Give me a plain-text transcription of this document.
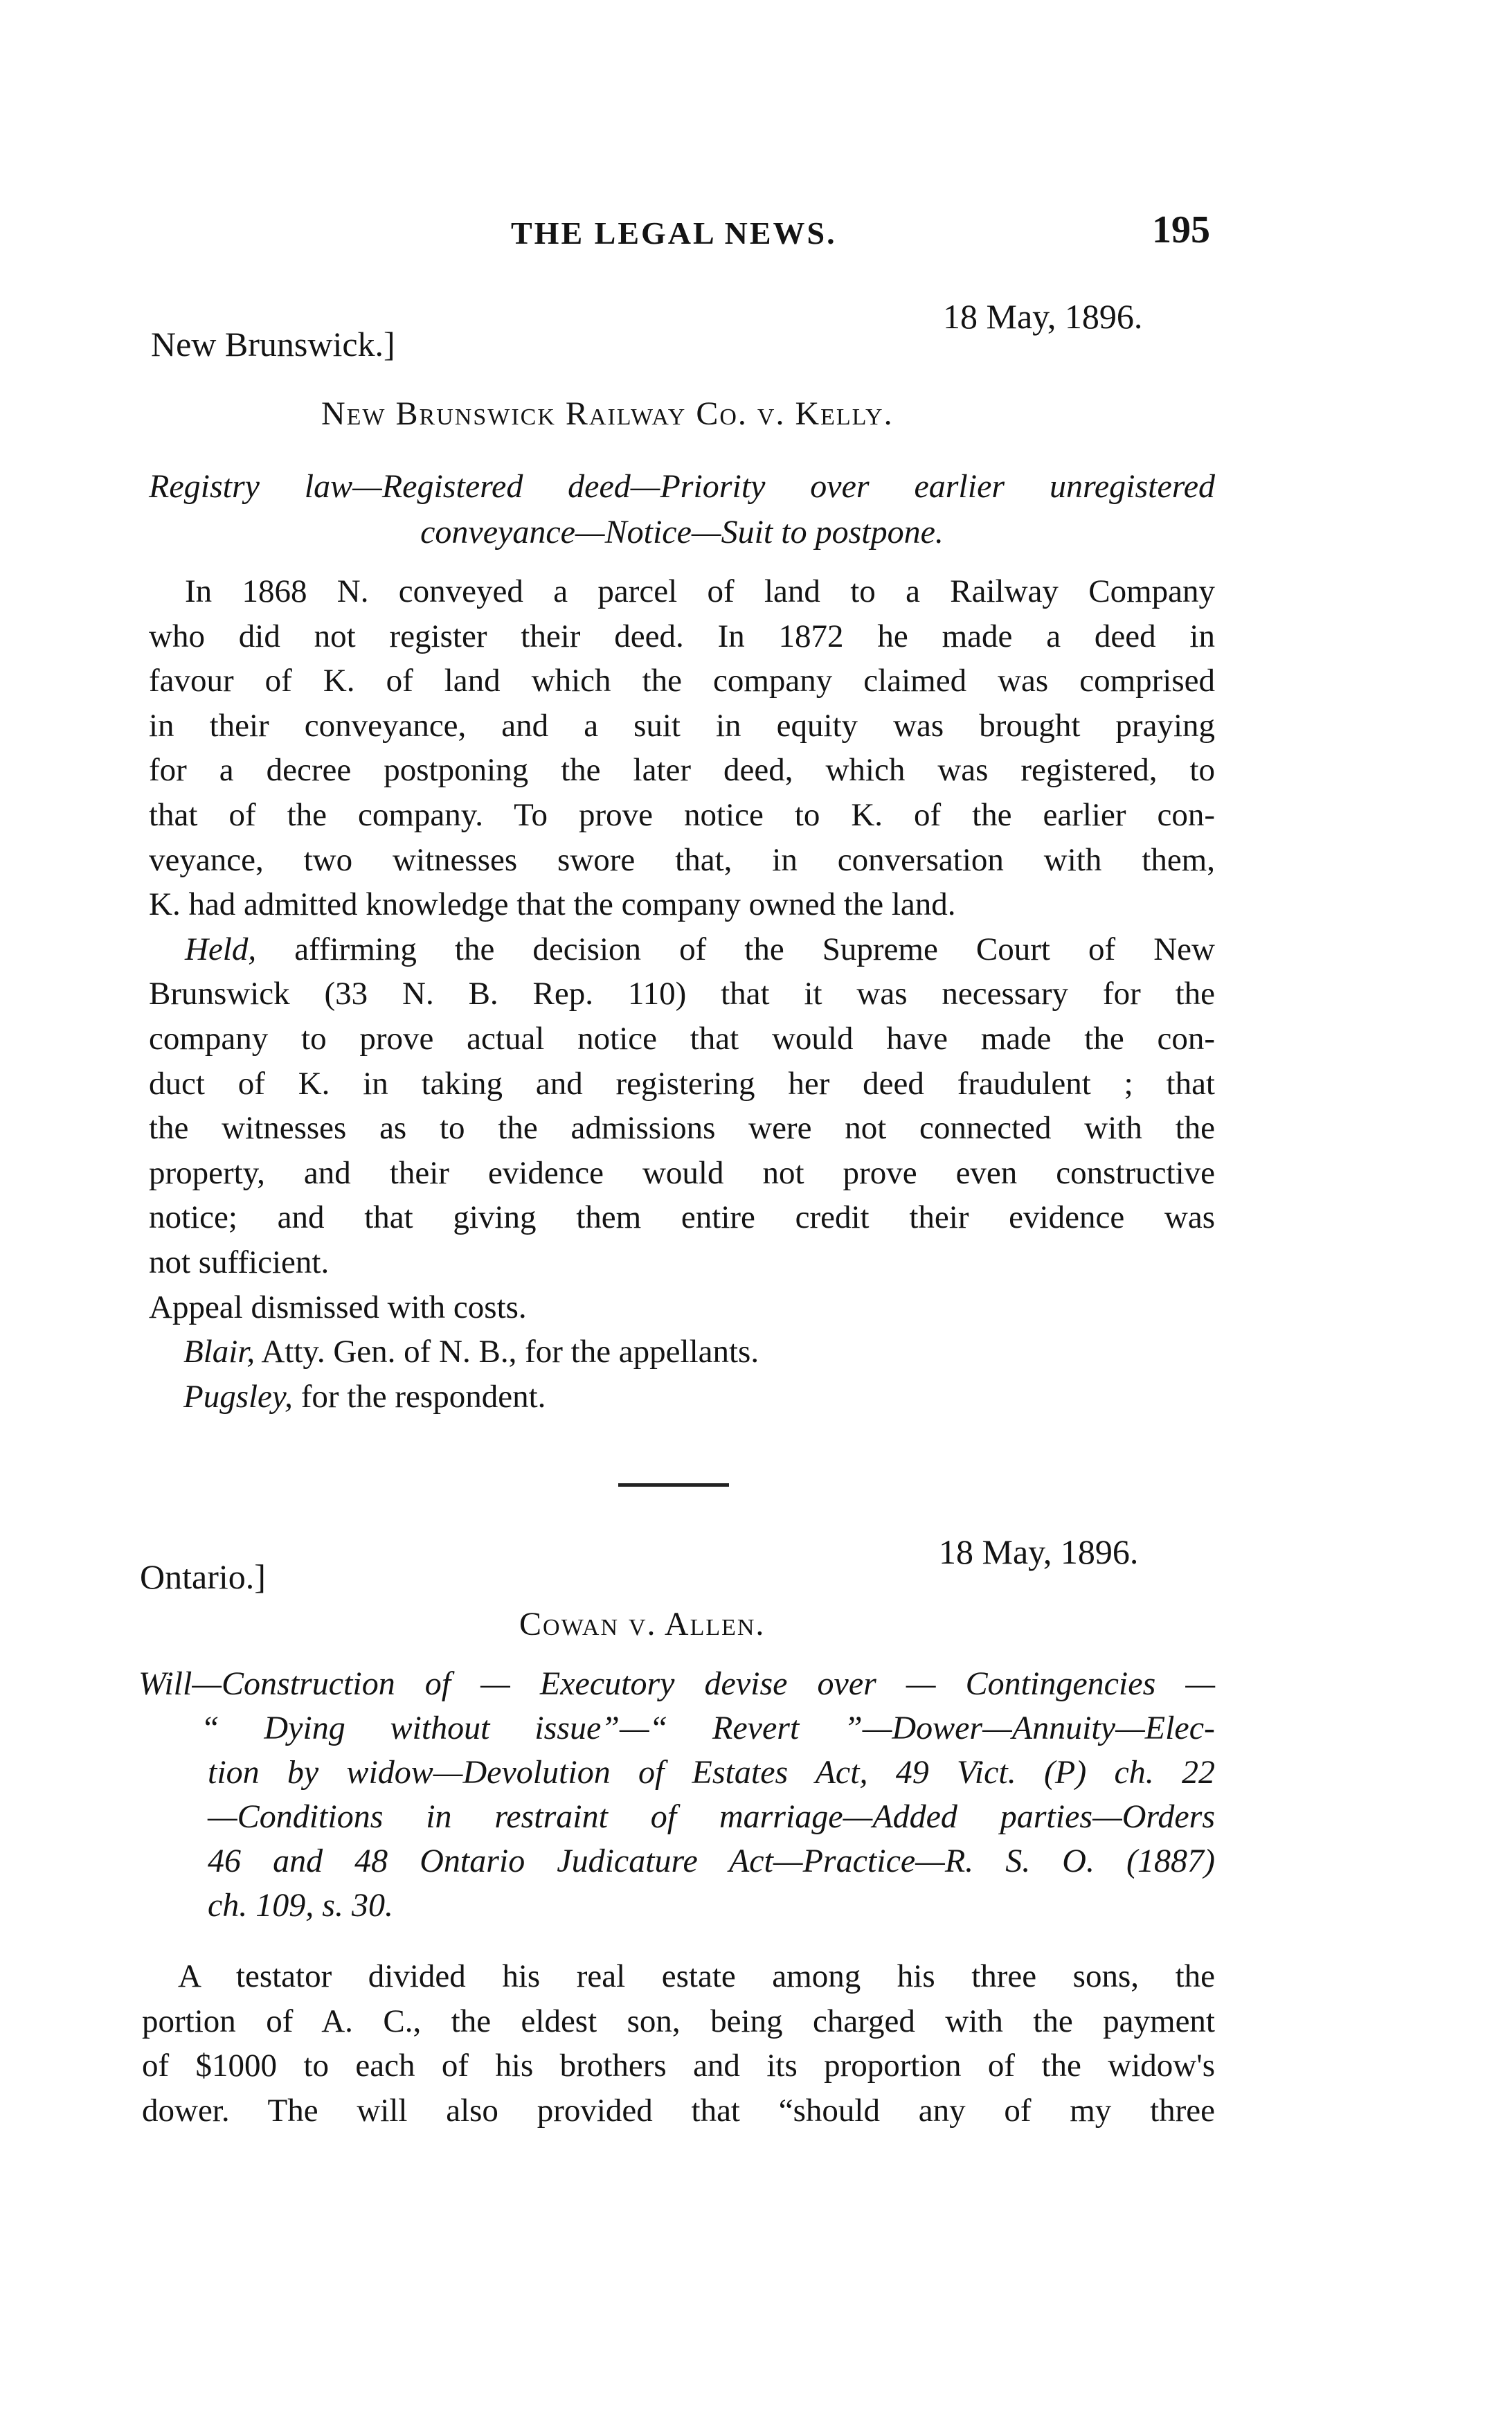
THE LEGAL NEWS.	195
New Brunswick.]
18 May, 1896.
New Brunswick Railway Co. v. Kelly.
Registry law—Registered deed—Priority over earlier unregistered
conveyance—Notice—Suit to postpone.
In 1868 N. conveyed a parcel of land to a Railway Company
who did not register their deed. In 1872 he made a deed in
favour of K. of land which the company claimed was comprised
in their conveyance, and a suit in equity was brought praying
for a decree postponing the later deed, which was registered, to
that of the company. To prove notice to K. of the earlier con-
veyance, two witnesses swore that, in conversation with them,
K. had admitted knowledge that the company owned the land.
Held, affirming the decision of the Supreme Court of New
Brunswick (33 N. B. Rep. 110) that it was necessary for the
company to prove actual notice that would have made the con-
duct of K. in taking and registering her deed fraudulent ; that
the witnesses as to the admissions were not connected with the
property, and their evidence would not prove even constructive
notice; and that giving them entire credit their evidence was
not sufficient.
Appeal dismissed with costs.
Blair, Atty. Gen. of N. B., for the appellants.
Pugsley, for the respondent.
Ontario.]
18 May, 1896.
Cowan v. Allen.
Will—Construction of — Executory devise over — Contingencies —
“ Dying without issue”—“ Revert ”—Dower—Annuity—Elec-
tion by widow—Devolution of Estates Act, 49 Vict. (P) ch. 22
—Conditions in restraint of marriage—Added parties—Orders
46 and 48 Ontario Judicature Act—Practice—R. S. O. (1887)
ch. 109, s. 30.
A testator divided his real estate among his three sons, the
portion of A. C., the eldest son, being charged with the payment
of $1000 to each of his brothers and its proportion of the widow's
dower. The will also provided that “should any of my three
